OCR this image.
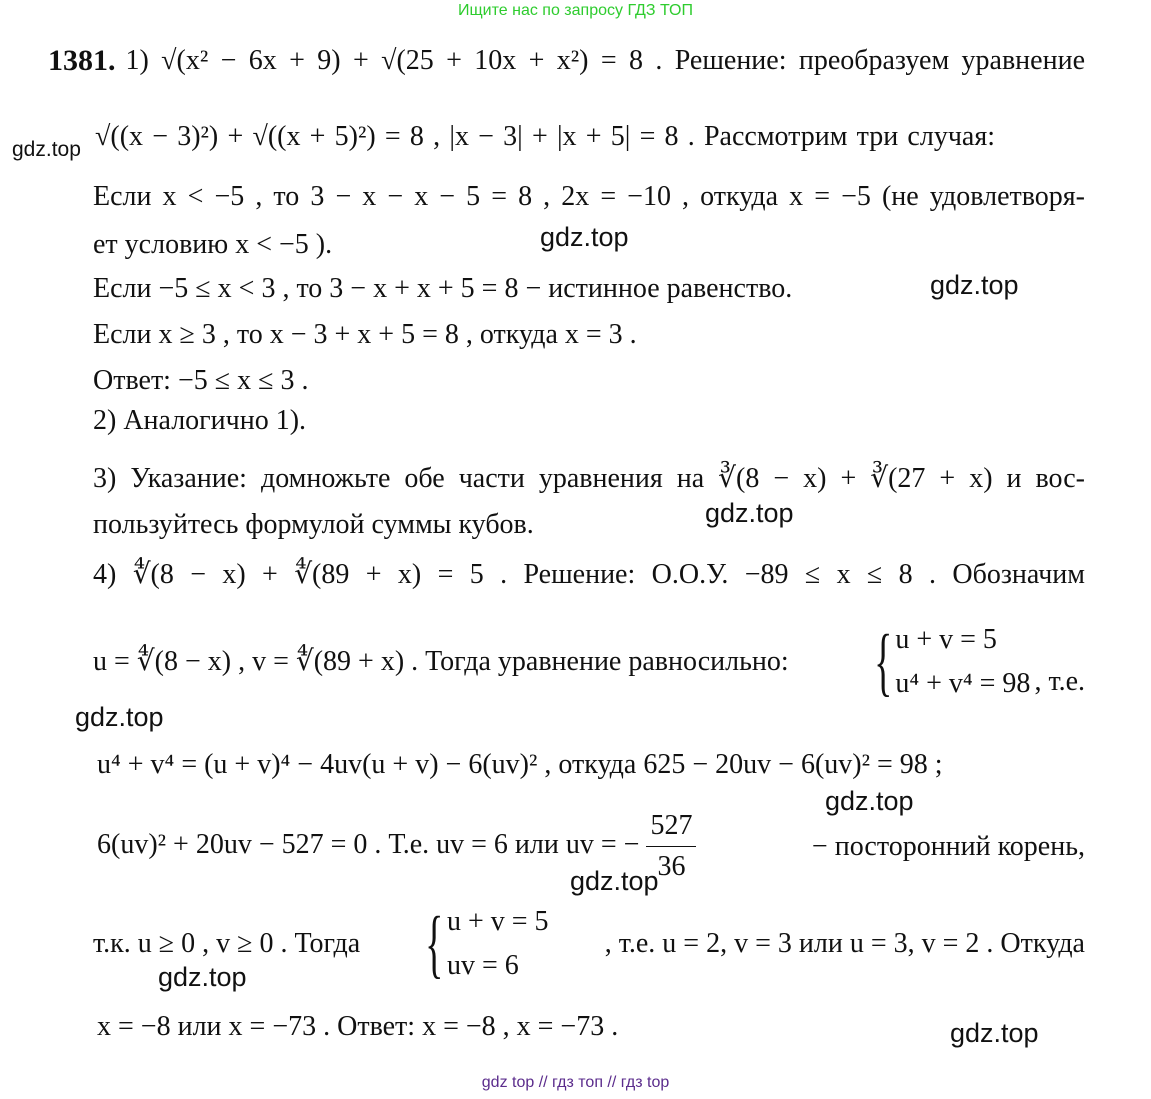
Ищите нас по запросу ГДЗ ТОП
1381. 1) √(x² − 6x + 9) + √(25 + 10x + x²) = 8 . Решение: преобразуем уравнение
gdz.top √((x − 3)²) + √((x + 5)²) = 8 , |x − 3| + |x + 5| = 8 . Рассмотрим три случая:
Если x < −5 , то 3 − x − x − 5 = 8 , 2x = −10 , откуда x = −5 (не удовлетворя-
ет условию x < −5 ).	gdz.top
Если −5 ≤ x < 3 , то 3 − x + x + 5 = 8 − истинное равенство.	gdz.top
Если x ≥ 3 , то x − 3 + x + 5 = 8 , откуда x = 3 .
Ответ: −5 ≤ x ≤ 3 .
2) Аналогично 1).
3) Указание: домножьте обе части уравнения на ∛(8 − x) + ∛(27 + x) и вос-
пользуйтесь формулой суммы кубов.	gdz.top
4) ∜(8 − x) + ∜(89 + x) = 5 . Решение: О.О.У. −89 ≤ x ≤ 8 . Обозначим
u = ∜(8 − x) , v = ∜(89 + x) . Тогда уравнение равносильно: { u + v = 5
u⁴ + v⁴ = 98 , т.е.
gdz.top
u⁴ + v⁴ = (u + v)⁴ − 4uv(u + v) − 6(uv)² , откуда 625 − 20uv − 6(uv)² = 98 ;
gdz.top
6(uv)² + 20uv − 527 = 0 . Т.е. uv = 6 или uv = − $\frac{527}{36}$	− посторонний корень,
gdz.top
т.к. u ≥ 0 , v ≥ 0 . Тогда { u + v = 5
uv = 6
, т.е. u = 2, v = 3 или u = 3, v = 2 . Откуда
gdz.top
x = −8 или x = −73 . Ответ: x = −8 , x = −73 .	gdz.top
gdz top // гдз топ // гдз top
